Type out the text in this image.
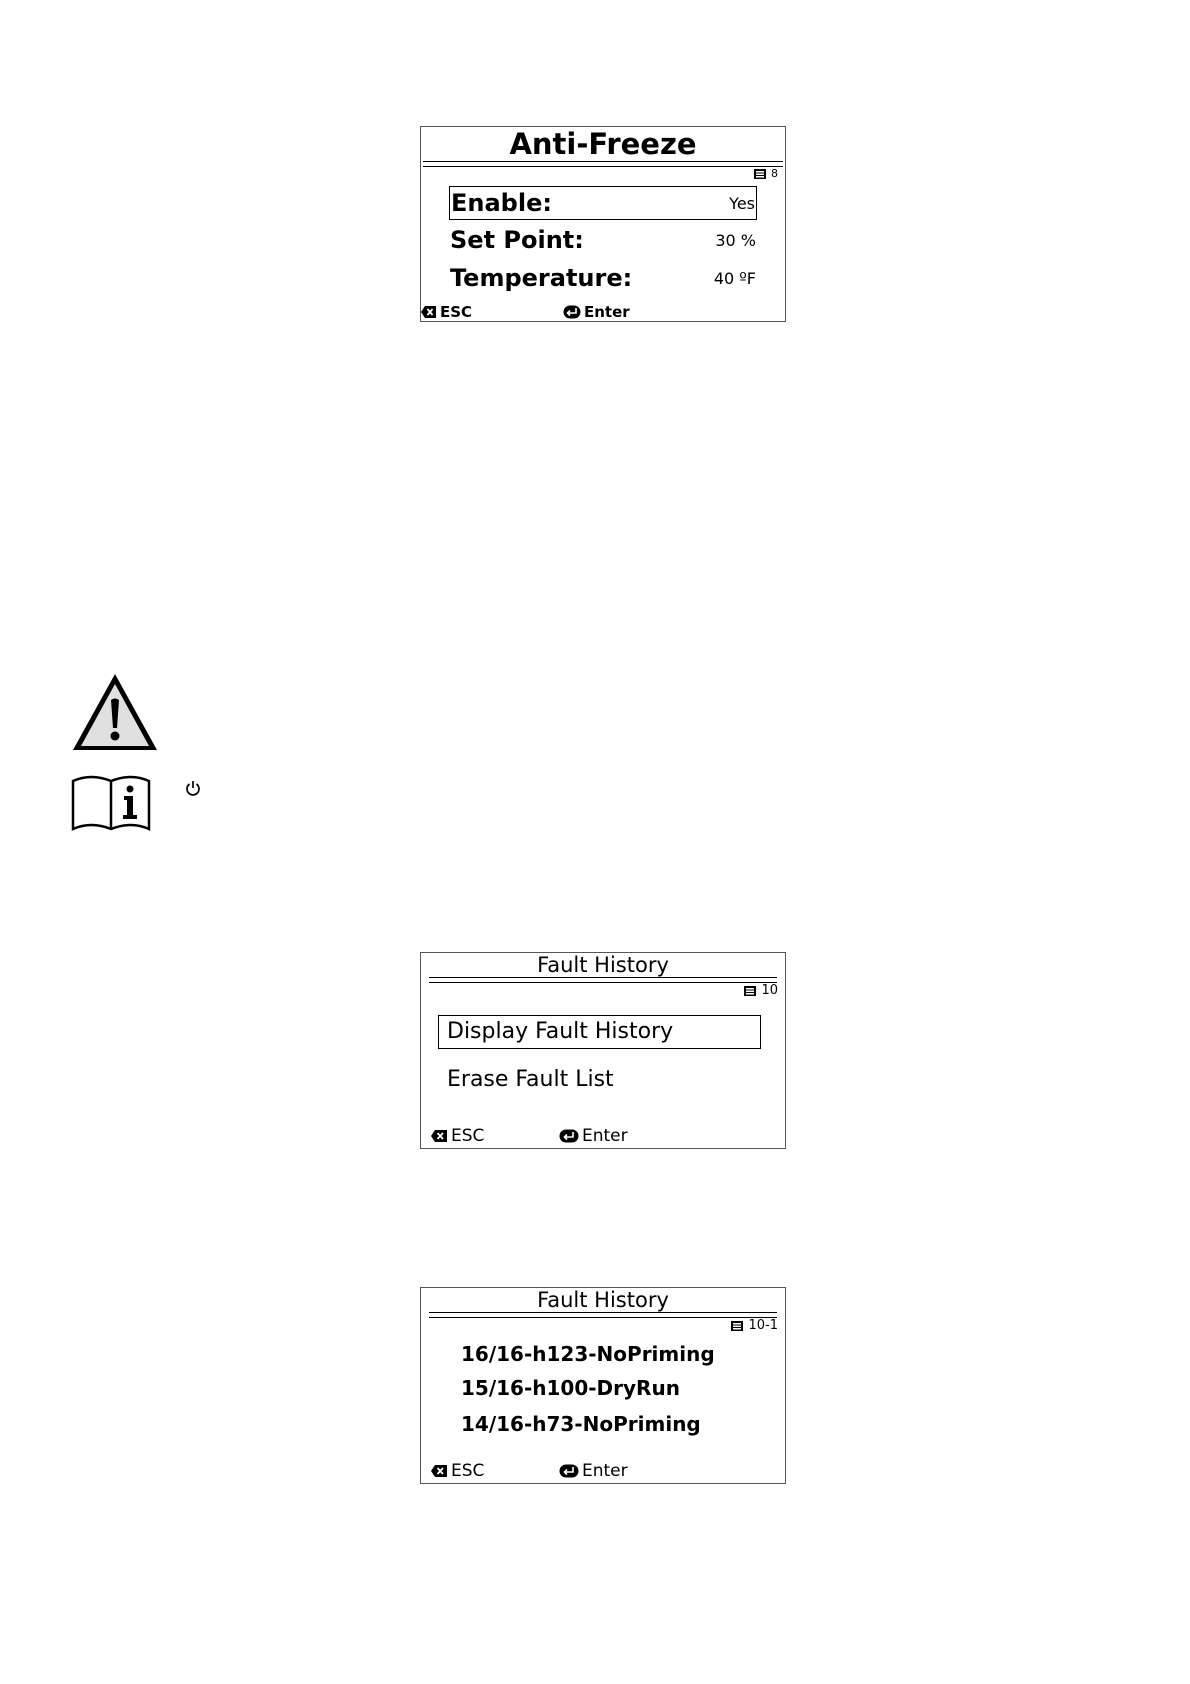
Anti-Freeze
8
Enable:	Yes
Set Point:	30 %
Temperature:	40 ºF
ESC	Enter
Fault History
10
Display Fault History
Erase Fault List
ESC	Enter
Fault History
10-1
16/16-h123-NoPriming
15/16-h100-DryRun
14/16-h73-NoPriming
ESC	Enter
